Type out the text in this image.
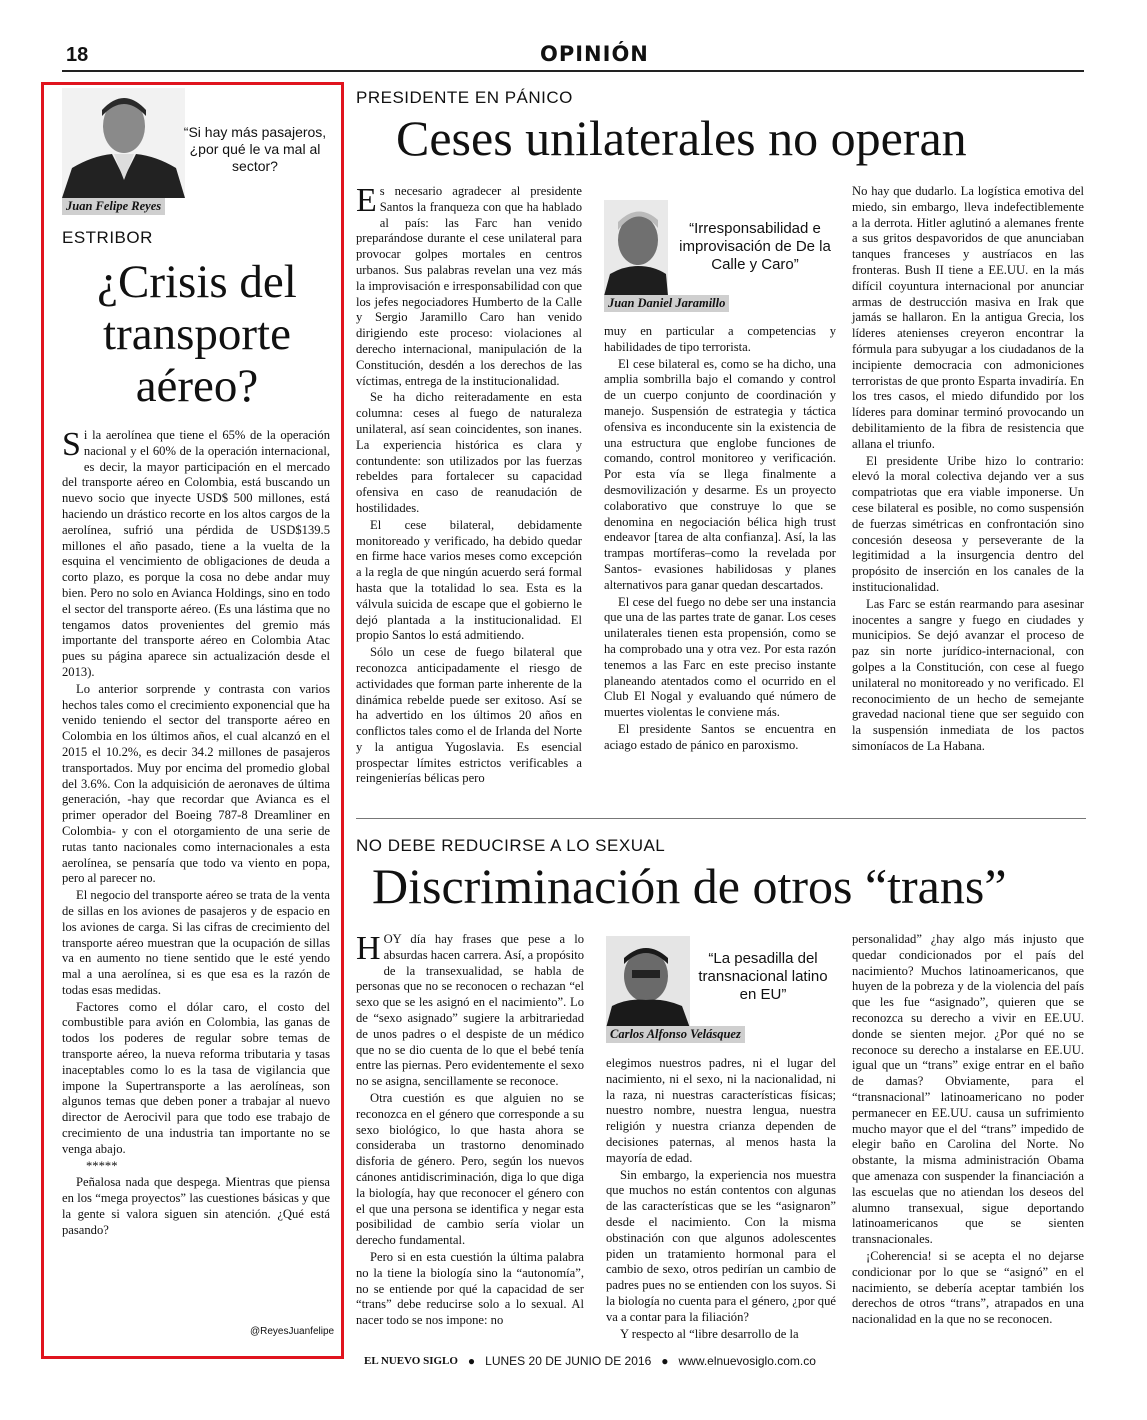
18	OPINIÓN
“Si hay más pasajeros, ¿por qué le va mal al sector?
Juan Felipe Reyes
ESTRIBOR
¿Crisis del transporte aéreo?

Si la aerolínea que tiene el 65% de la operación nacional y el 60% de la operación internacional, es decir, la mayor participación en el mercado del transporte aéreo en Colombia, está buscando un nuevo socio que inyecte USD$ 500 millones, está haciendo un drástico recorte en los altos cargos de la aerolínea, sufrió una pérdida de USD$139.5 millones el año pasado, tiene a la vuelta de la esquina el vencimiento de obligaciones de deuda a corto plazo, es porque la cosa no debe andar muy bien. Pero no solo en Avianca Holdings, sino en todo el sector del transporte aéreo. (Es una lástima que no tengamos datos provenientes del gremio más importante del transporte aéreo en Colombia Atac pues su página aparece sin actualización desde el 2013).

Lo anterior sorprende y contrasta con varios hechos tales como el crecimiento exponencial que ha venido teniendo el sector del transporte aéreo en Colombia en los últimos años, el cual alcanzó en el 2015 el 10.2%, es decir 34.2 millones de pasajeros transportados. Muy por encima del promedio global del 3.6%. Con la adquisición de aeronaves de última generación, -hay que recordar que Avianca es el primer operador del Boeing 787-8 Dreamliner en Colombia- y con el otorgamiento de una serie de rutas tanto nacionales como internacionales a esta aerolínea, se pensaría que todo va viento en popa, pero al parecer no.

El negocio del transporte aéreo se trata de la venta de sillas en los aviones de pasajeros y de espacio en los aviones de carga. Si las cifras de crecimiento del transporte aéreo muestran que la ocupación de sillas va en aumento no tiene sentido que le esté yendo mal a una aerolínea, si es que esa es la razón de todas esas medidas.

Factores como el dólar caro, el costo del combustible para avión en Colombia, las ganas de todos los poderes de regular sobre temas de transporte aéreo, la nueva reforma tributaria y tasas inaceptables como lo es la tasa de vigilancia que impone la Supertransporte a las aerolíneas, son algunos temas que deben poner a trabajar al nuevo director de Aerocivil para que todo ese trabajo de crecimiento de una industria tan importante no se venga abajo.

*****

Peñalosa nada que despega. Mientras que piensa en los “mega proyectos” las cuestiones básicas y que la gente si valora siguen sin atención. ¿Qué está pasando?

@ReyesJuanfelipe
PRESIDENTE EN PÁNICO
Ceses unilaterales no operan

Es necesario agradecer al presidente Santos la franqueza con que ha hablado al país: las Farc han venido preparándose durante el cese unilateral para provocar golpes mortales en centros urbanos. Sus palabras revelan una vez más la improvisación e irresponsabilidad con que los jefes negociadores Humberto de la Calle y Sergio Jaramillo Caro han venido dirigiendo este proceso: violaciones al derecho internacional, manipulación de la Constitución, desdén a los derechos de las víctimas, entrega de la institucionalidad.

Se ha dicho reiteradamente en esta columna: ceses al fuego de naturaleza unilateral, así sean coincidentes, son inanes. La experiencia histórica es clara y contundente: son utilizados por las fuerzas rebeldes para fortalecer su capacidad ofensiva en caso de reanudación de hostilidades.

El cese bilateral, debidamente monitoreado y verificado, ha debido quedar en firme hace varios meses como excepción a la regla de que ningún acuerdo será formal hasta que la totalidad lo sea. Esta es la válvula suicida de escape que el gobierno le dejó plantada a la institucionalidad. El propio Santos lo está admitiendo.

Sólo un cese de fuego bilateral que reconozca anticipadamente el riesgo de actividades que forman parte inherente de la dinámica rebelde puede ser exitoso. Así se ha advertido en los últimos 20 años en conflictos tales como el de Irlanda del Norte y la antigua Yugoslavia. Es esencial prospectar límites estrictos verificables a reingenierías bélicas pero

“Irresponsabilidad e improvisación de De la Calle y Caro”
Juan Daniel Jaramillo

muy en particular a competencias y habilidades de tipo terrorista.

El cese bilateral es, como se ha dicho, una amplia sombrilla bajo el comando y control de un cuerpo conjunto de coordinación y manejo. Suspensión de estrategia y táctica ofensiva es inconducente sin la existencia de una estructura que englobe funciones de comando, control monitoreo y verificación. Por esta vía se llega finalmente a desmovilización y desarme. Es un proyecto colaborativo que construye lo que se denomina en negociación bélica high trust endeavor [tarea de alta confianza]. Así, la las trampas mortíferas–como la revelada por Santos- evasiones habilidosas y planes alternativos para ganar quedan descartados.

El cese del fuego no debe ser una instancia que una de las partes trate de ganar. Los ceses unilaterales tienen esta propensión, como se ha comprobado una y otra vez. Por esta razón tenemos a las Farc en este preciso instante planeando atentados como el ocurrido en el Club El Nogal y evaluando qué número de muertes violentas le conviene más.

El presidente Santos se encuentra en aciago estado de pánico en paroxismo.

No hay que dudarlo. La logística emotiva del miedo, sin embargo, lleva indefectiblemente a la derrota. Hitler aglutinó a alemanes frente a sus gritos despavoridos de que anunciaban tanques franceses y austríacos en las fronteras. Bush II tiene a EE.UU. en la más difícil coyuntura internacional por anunciar armas de destrucción masiva en Irak que jamás se hallaron. En la antigua Grecia, los líderes atenienses creyeron encontrar la fórmula para subyugar a los ciudadanos de la incipiente democracia con admoniciones terroristas de que pronto Esparta invadiría. En los tres casos, el miedo difundido por los líderes para dominar terminó provocando un debilitamiento de la fibra de resistencia que allana el triunfo.

El presidente Uribe hizo lo contrario: elevó la moral colectiva dejando ver a sus compatriotas que era viable imponerse. Un cese bilateral es posible, no como suspensión de fuerzas simétricas en confrontación sino concesión deseosa y perseverante de la legitimidad a la insurgencia dentro del propósito de inserción en los canales de la institucionalidad.

Las Farc se están rearmando para asesinar inocentes a sangre y fuego en ciudades y municipios. Se dejó avanzar el proceso de paz sin norte jurídico-internacional, con golpes a la Constitución, con cese al fuego unilateral no monitoreado y no verificado. El reconocimiento de un hecho de semejante gravedad nacional tiene que ser seguido con la suspensión inmediata de los pactos simoníacos de La Habana.

NO DEBE REDUCIRSE A LO SEXUAL
Discriminación de otros “trans”

HOY día hay frases que pese a lo absurdas hacen carrera. Así, a propósito de la transexualidad, se habla de personas que no se reconocen o rechazan “el sexo que se les asignó en el nacimiento”. Lo de “sexo asignado” sugiere la arbitrariedad de unos padres o el despiste de un médico que no se dio cuenta de lo que el bebé tenía entre las piernas. Pero evidentemente el sexo no se asigna, sencillamente se reconoce.

Otra cuestión es que alguien no se reconozca en el género que corresponde a su sexo biológico, lo que hasta ahora se consideraba un trastorno denominado disforia de género. Pero, según los nuevos cánones antidiscriminación, diga lo que diga la biología, hay que reconocer el género con el que una persona se identifica y negar esta posibilidad de cambio sería violar un derecho fundamental.

Pero si en esta cuestión la última palabra no la tiene la biología sino la “autonomía”, no se entiende por qué la capacidad de ser “trans” debe reducirse solo a lo sexual. Al nacer todo se nos impone: no

“La pesadilla del transnacional latino en EU”
Carlos Alfonso Velásquez

elegimos nuestros padres, ni el lugar del nacimiento, ni el sexo, ni la nacionalidad, ni la raza, ni nuestras características físicas; nuestro nombre, nuestra lengua, nuestra religión y nuestra crianza dependen de decisiones paternas, al menos hasta la mayoría de edad.

Sin embargo, la experiencia nos muestra que muchos no están contentos con algunas de las características que se les “asignaron” desde el nacimiento. Con la misma obstinación con que algunos adolescentes piden un tratamiento hormonal para el cambio de sexo, otros pedirían un cambio de padres pues no se entienden con los suyos. Si la biología no cuenta para el género, ¿por qué va a contar para la filiación?

Y respecto al “libre desarrollo de la

personalidad” ¿hay algo más injusto que quedar condicionados por el país del nacimiento? Muchos latinoamericanos, que huyen de la pobreza y de la violencia del país que les fue “asignado”, quieren que se reconozca su derecho a vivir en EE.UU. donde se sienten mejor. ¿Por qué no se reconoce su derecho a instalarse en EE.UU. igual que un “trans” exige entrar en el baño de damas? Obviamente, para el “transnacional” latinoamericano no poder permanecer en EE.UU. causa un sufrimiento mucho mayor que el del “trans” impedido de elegir baño en Carolina del Norte. No obstante, la misma administración Obama que amenaza con suspender la financiación a las escuelas que no atiendan los deseos del alumno transexual, sigue deportando latinoamericanos que se sienten transnacionales.

¡Coherencia! si se acepta el no dejarse condicionar por lo que se “asignó” en el nacimiento, se debería aceptar también los derechos de otros “trans”, atrapados en una nacionalidad en la que no se reconocen.

EL NUEVO SIGLO ● LUNES 20 DE JUNIO DE 2016 ● www.elnuevosiglo.com.co
